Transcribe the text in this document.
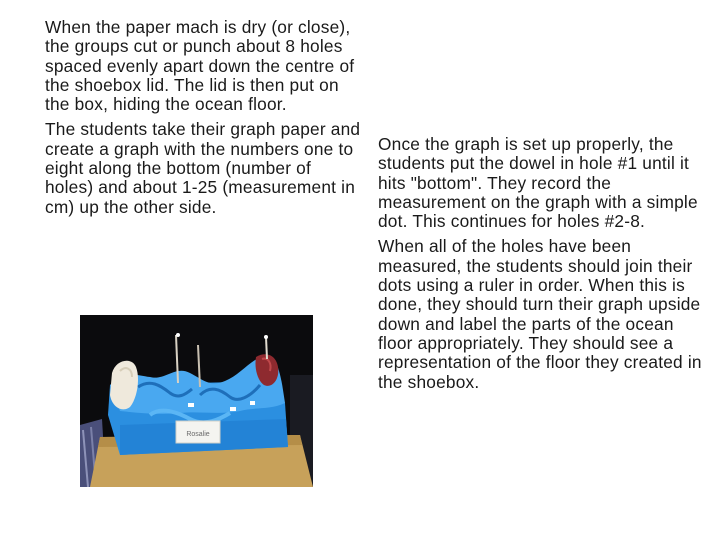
When the paper mach is dry (or close), the groups cut or punch about 8 holes spaced evenly apart down the centre of the shoebox lid. The lid is then put on the box, hiding the ocean floor.

The students take their graph paper and create a graph with the numbers one to eight along the bottom (number of holes) and about 1-25 (measurement in cm) up the other side.

Once the graph is set up properly, the students put the dowel in hole #1 until it hits "bottom". They record the measurement on the graph with a simple dot. This continues for holes #2-8.

When all of the holes have been measured, the students should join their dots using a ruler in order. When this is done, they should turn their graph upside down and label the parts of the ocean floor appropriately. They should see a representation of the floor they created in the shoebox.

Rosalie
